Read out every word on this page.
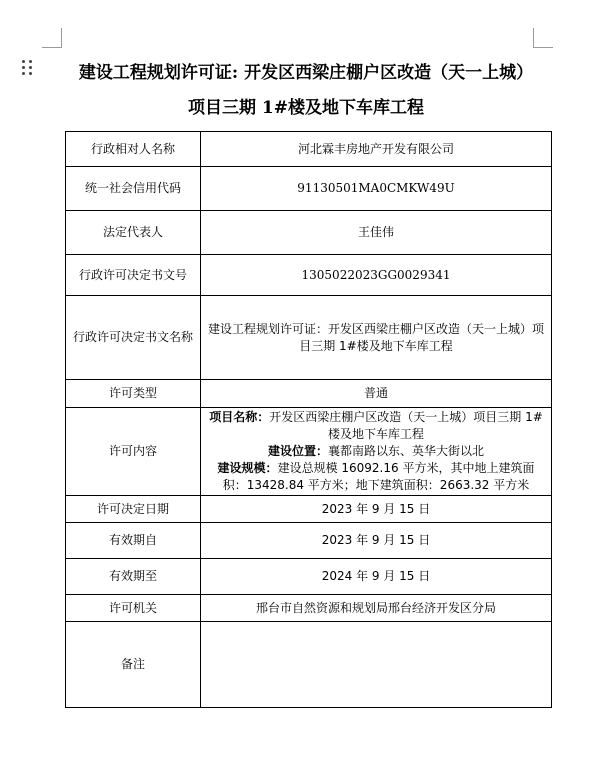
建设工程规划许可证: 开发区西梁庄棚户区改造（天一上城）
项目三期 1#楼及地下车库工程
行政相对人名称	河北霖丰房地产开发有限公司
统一社会信用代码	91130501MA0CMKW49U
法定代表人	王佳伟
行政许可决定书文号	1305022023GG0029341
行政许可决定书文名称	建设工程规划许可证：开发区西梁庄棚户区改造（天一上城）项目三期 1#楼及地下车库工程
许可类型	普通
许可内容	项目名称：开发区西梁庄棚户区改造（天一上城）项目三期 1#楼及地下车库工程
建设位置：襄都南路以东、英华大街以北
建设规模：建设总规模 16092.16 平方米，其中地上建筑面积：13428.84 平方米；地下建筑面积：2663.32 平方米

许可决定日期	2023 年 9 月 15 日
有效期自	2023 年 9 月 15 日
有效期至	2024 年 9 月 15 日
许可机关	邢台市自然资源和规划局邢台经济开发区分局
备注	
